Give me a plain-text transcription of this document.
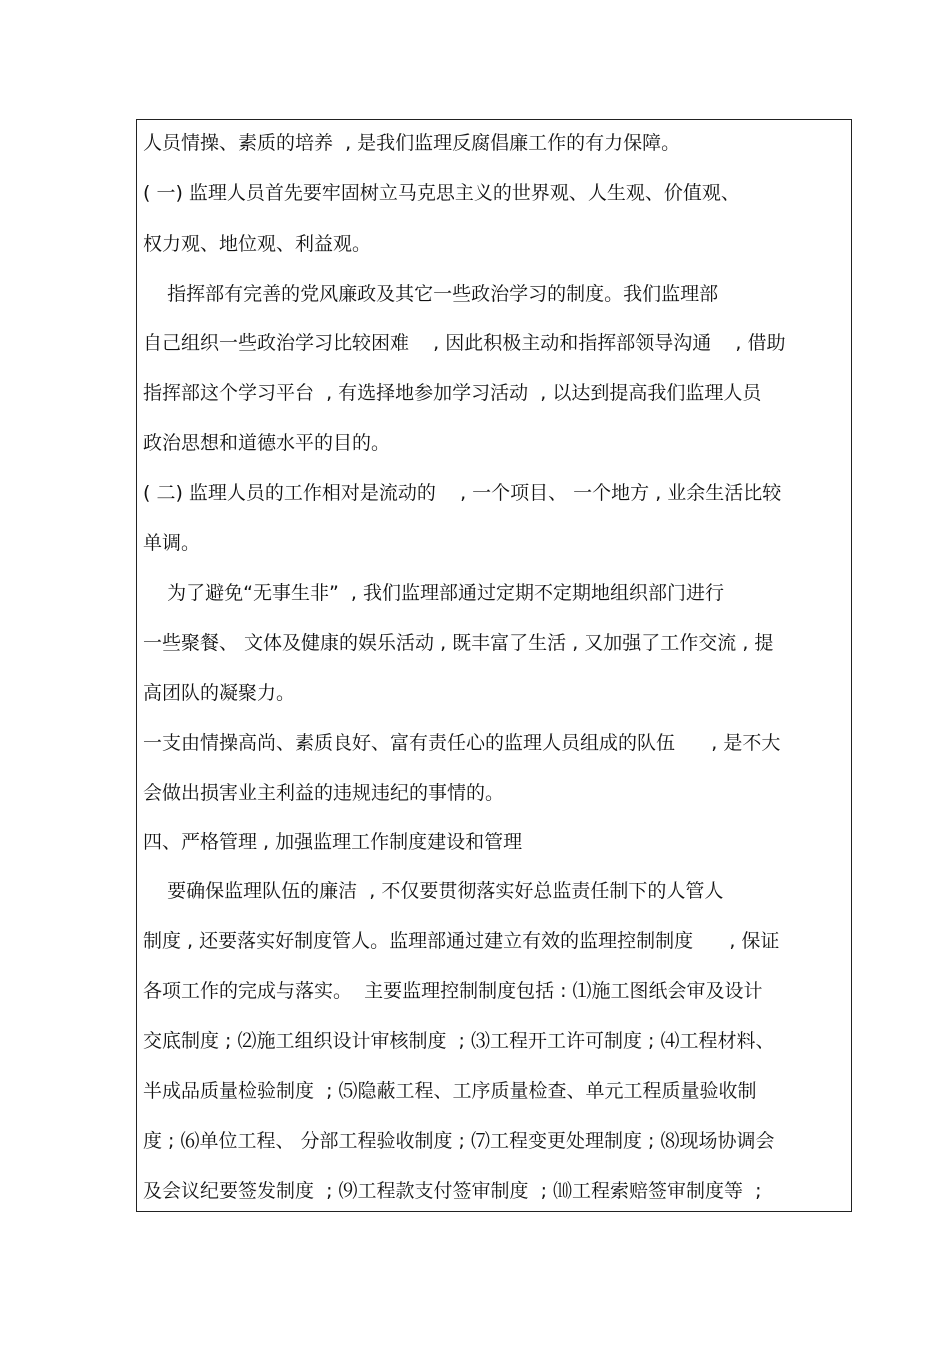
人员情操、素质的培养  , 是我们监理反腐倡廉工作的有力保障。
( 一) 监理人员首先要牢固树立马克思主义的世界观、人生观、价值观、
权力观、地位观、利益观。
指挥部有完善的党风廉政及其它一些政治学习的制度。我们监理部
自己组织一些政治学习比较困难    , 因此积极主动和指挥部领导沟通    , 借助
指挥部这个学习平台  , 有选择地参加学习活动  , 以达到提高我们监理人员
政治思想和道德水平的目的。
( 二) 监理人员的工作相对是流动的    , 一个项目、 一个地方 , 业余生活比较
单调。
为了避免“无事生非”  , 我们监理部通过定期不定期地组织部门进行
一些聚餐、 文体及健康的娱乐活动 , 既丰富了生活 , 又加强了工作交流 , 提
高团队的凝聚力。
一支由情操高尚、素质良好、富有责任心的监理人员组成的队伍      , 是不大
会做出损害业主利益的违规违纪的事情的。
四、严格管理 , 加强监理工作制度建设和管理
要确保监理队伍的廉洁  , 不仅要贯彻落实好总监责任制下的人管人
制度 , 还要落实好制度管人。监理部通过建立有效的监理控制制度      , 保证
各项工作的完成与落实。  主要监理控制制度包括 : ⑴施工图纸会审及设计
交底制度 ; ⑵施工组织设计审核制度  ; ⑶工程开工许可制度 ; ⑷工程材料、
半成品质量检验制度  ; ⑸隐蔽工程、工序质量检查、单元工程质量验收制
度 ; ⑹单位工程、 分部工程验收制度 ; ⑺工程变更处理制度 ; ⑻现场协调会
及会议纪要签发制度  ; ⑼工程款支付签审制度  ; ⑽工程索赔签审制度等  ;
